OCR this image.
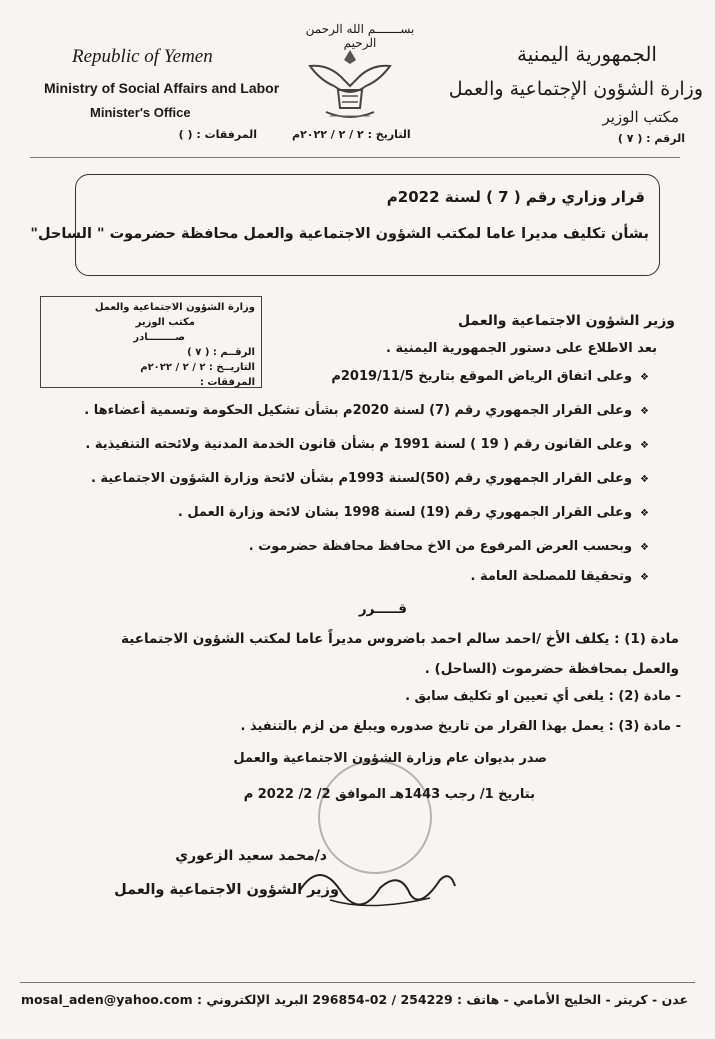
بســـــــم الله الرحمن الرحيم
Republic of Yemen
Ministry of Social Affairs and Labor
Minister's Office
المرفقات : ( )
الجمهورية اليمنية
وزارة الشؤون الإجتماعية والعمل
مكتب الوزير
الرقم : ( ٧ )
التاريخ : ٢ / ٢ / ٢٠٢٢م
قرار وزاري رقم ( 7 ) لسنة 2022م
بشأن تكليف مديرا عاما لمكتب الشؤون الاجتماعية والعمل محافظة حضرموت " الساحل"
وزارة الشؤون الاجتماعية والعمل
مكتب الوزير
صــــــــادر
الرقــم : ( ٧ )
التاريــخ : ٢ / ٢ / ٢٠٢٢م
المرفقات :
وزير الشؤون الاجتماعية والعمل
بعد الاطلاع على دستور الجمهورية اليمنية .
❖وعلى اتفاق الرياض الموقع بتاريخ 2019/11/5م
❖وعلى القرار الجمهوري رقم (7) لسنة 2020م بشأن تشكيل الحكومة وتسمية أعضاءها .
❖وعلى القانون رقم ( 19 ) لسنة 1991 م بشأن قانون الخدمة المدنية ولائحته التنفيذية .
❖وعلى القرار الجمهوري رقم (50)لسنة 1993م بشأن لائحة وزارة الشؤون الاجتماعية .
❖وعلى القرار الجمهوري رقم (19) لسنة 1998 بشان لائحة وزارة العمل .
❖وبحسب العرض المرفوع من الاخ محافظ محافظة حضرموت .
❖وتحقيقا للمصلحة العامة .
قـــــرر
مادة (1) : يكلف الأخ /احمد سالم احمد باضروس مديراً عاما لمكتب الشؤون الاجتماعية
والعمل بمحافظة حضرموت (الساحل) .
- مادة (2) : يلغى أي تعيين او تكليف سابق .
- مادة (3) : يعمل بهذا القرار من تاريخ صدوره ويبلغ من لزم بالتنفيذ .
صدر بديوان عام وزارة الشؤون الاجتماعية والعمل
بتاريخ 1/ رجب 1443هـ الموافق 2/ 2/ 2022 م
د/محمد سعيد الزعوري
وزير الشؤون الاجتماعية والعمل
عدن - كريتر - الخليج الأمامي - هاتف : 254229 / 02-296854 البريد الإلكتروني : mosal_aden@yahoo.com
